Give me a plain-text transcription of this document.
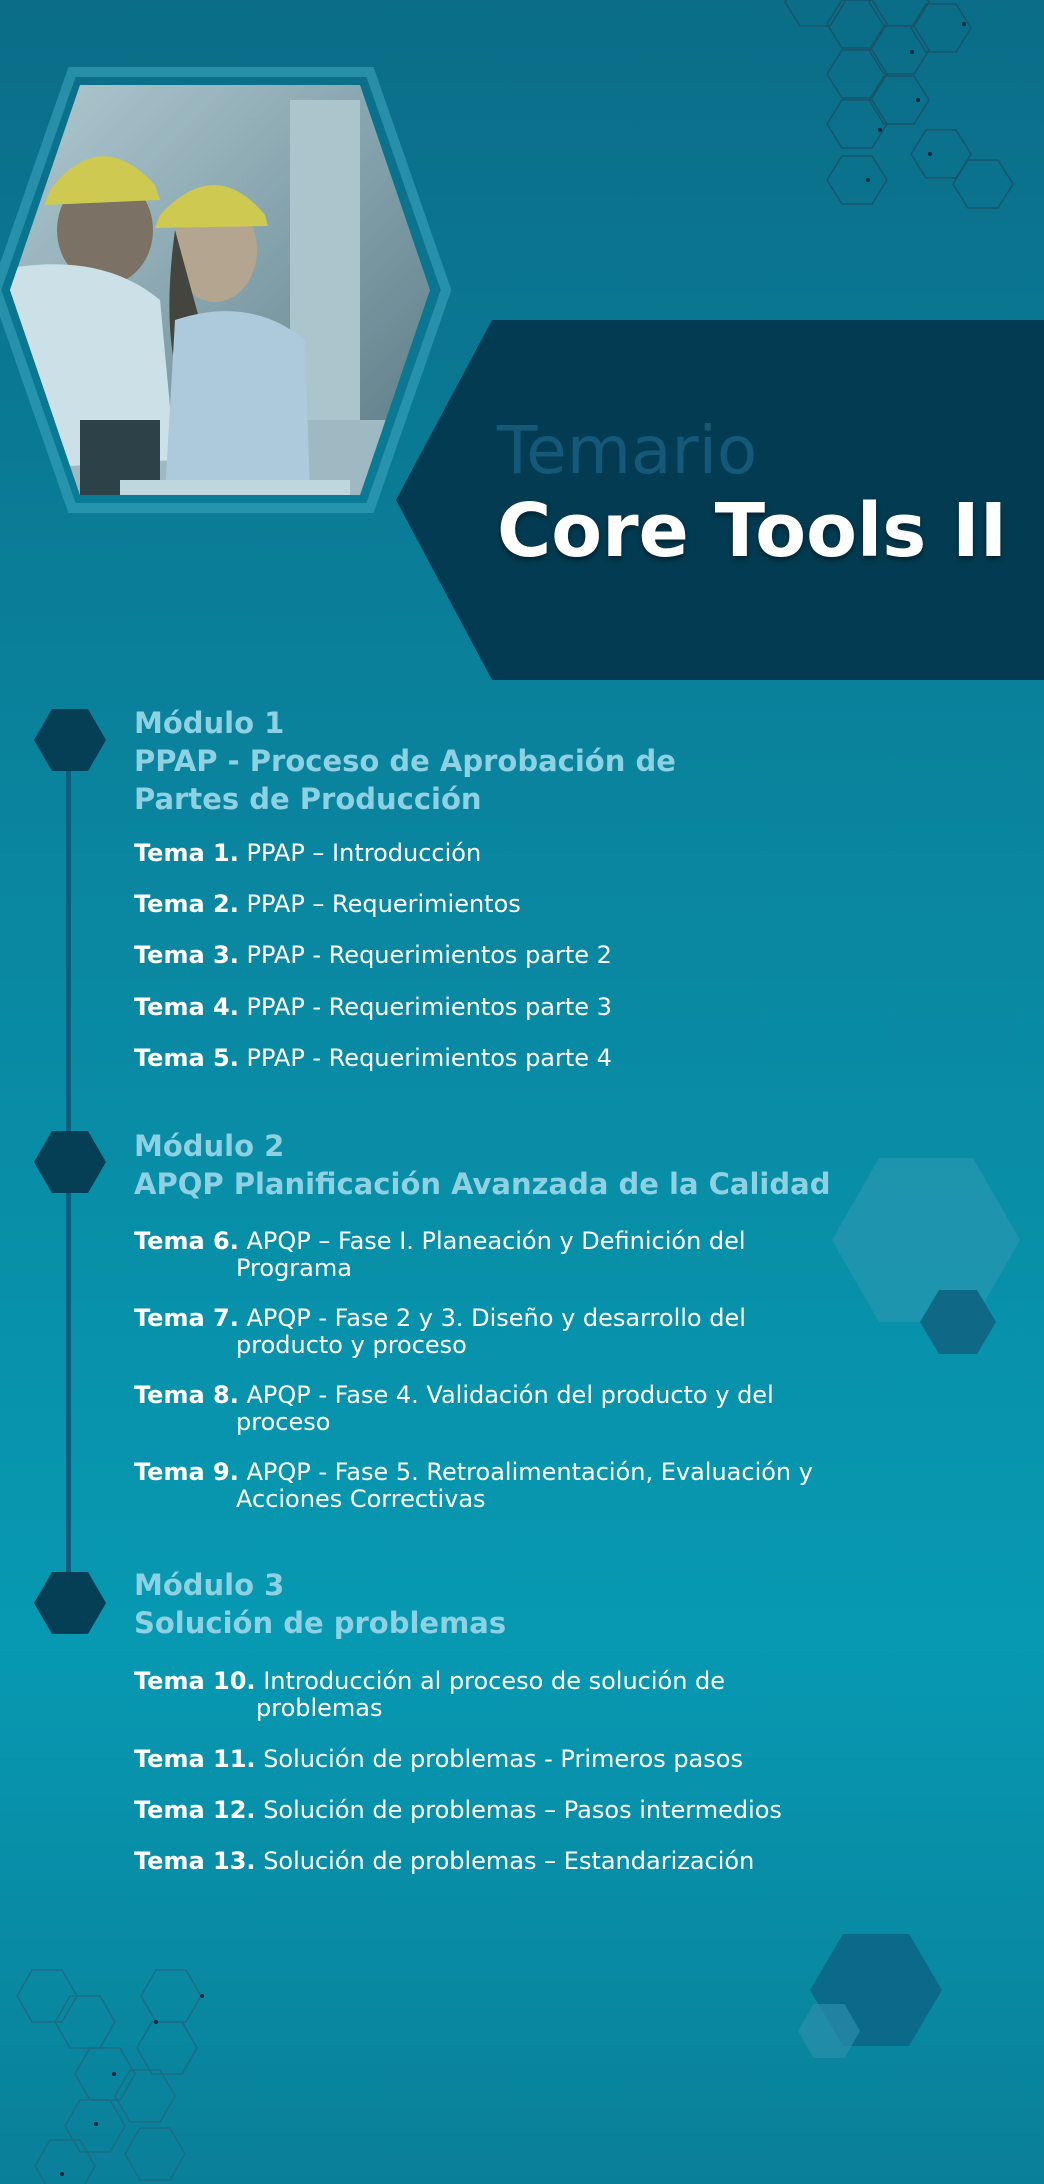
Temario
Core Tools II
Módulo 1
PPAP - Proceso de Aprobación de
Partes de Producción
Tema 1. PPAP – Introducción
Tema 2. PPAP – Requerimientos
Tema 3. PPAP - Requerimientos parte 2
Tema 4. PPAP - Requerimientos parte 3
Tema 5. PPAP - Requerimientos parte 4
Módulo 2
APQP Planificación Avanzada de la Calidad
Tema 6. APQP – Fase I. Planeación y Definición del
Programa
Tema 7. APQP - Fase 2 y 3. Diseño y desarrollo del
producto y proceso
Tema 8. APQP - Fase 4. Validación del producto y del
proceso
Tema 9. APQP - Fase 5. Retroalimentación, Evaluación y
Acciones Correctivas
Módulo 3
Solución de problemas
Tema 10. Introducción al proceso de solución de
problemas
Tema 11. Solución de problemas - Primeros pasos
Tema 12. Solución de problemas – Pasos intermedios
Tema 13. Solución de problemas – Estandarización
